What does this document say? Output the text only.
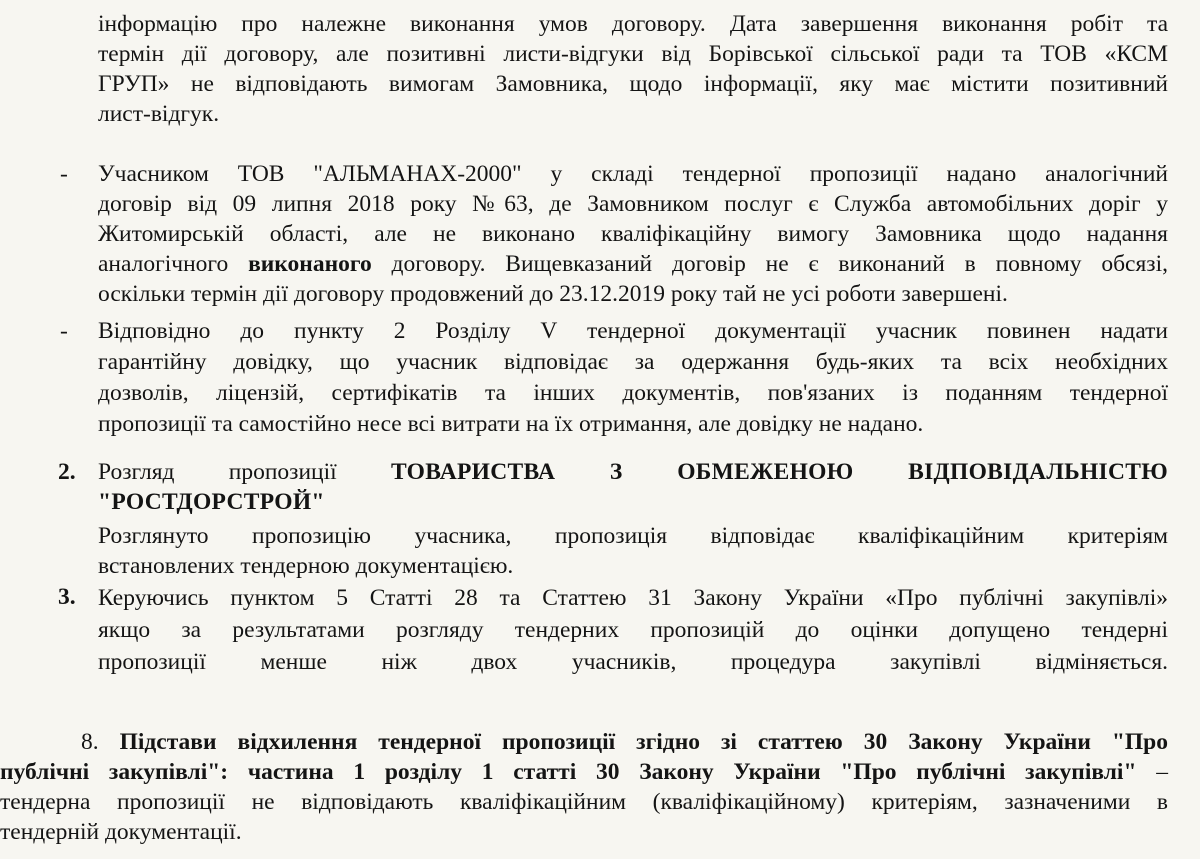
інформацію про належне виконання умов договору. Дата завершення виконання робіт та

термін дії договору, але позитивні листи-відгуки від Борівської сільської ради та ТОВ «КСМ

ГРУП» не відповідають вимогам Замовника, щодо інформації, яку має містити позитивний

лист-відгук.

- Учасником ТОВ "АЛЬМАНАХ-2000" у складі тендерної пропозиції надано аналогічний

договір від 09 липня 2018 року №63, де Замовником послуг є Служба автомобільних доріг у

Житомирській області, але не виконано кваліфікаційну вимогу Замовника щодо надання

аналогічного виконаного договору. Вищевказаний договір не є виконаний в повному обсязі,

оскільки термін дії договору продовжений до 23.12.2019 року тай не усі роботи завершені.

- Відповідно до пункту 2 Розділу V тендерної документації учасник повинен надати

гарантійну довідку, що учасник відповідає за одержання будь-яких та всіх необхідних

дозволів, ліцензій, сертифікатів та інших документів, пов'язаних із поданням тендерної

пропозиції та самостійно несе всі витрати на їх отримання, але довідку не надано.

2. Розгляд пропозиції ТОВАРИСТВА З ОБМЕЖЕНОЮ ВІДПОВІДАЛЬНІСТЮ

"РОСТДОРСТРОЙ"

Розглянуто пропозицію учасника, пропозиція відповідає кваліфікаційним критеріям

встановлених тендерною документацією.

3. Керуючись пунктом 5 Статті 28 та Статтею 31 Закону України «Про публічні закупівлі»

якщо за результатами розгляду тендерних пропозицій до оцінки допущено тендерні

пропозиції менше ніж двох учасників, процедура закупівлі відміняється.

8. Підстави відхилення тендерної пропозиції згідно зі статтею 30 Закону України "Про

публічні закупівлі": частина 1 розділу 1 статті 30 Закону України "Про публічні закупівлі" –

тендерна пропозиції не відповідають кваліфікаційним (кваліфікаційному) критеріям, зазначеними в

тендерній документації.
